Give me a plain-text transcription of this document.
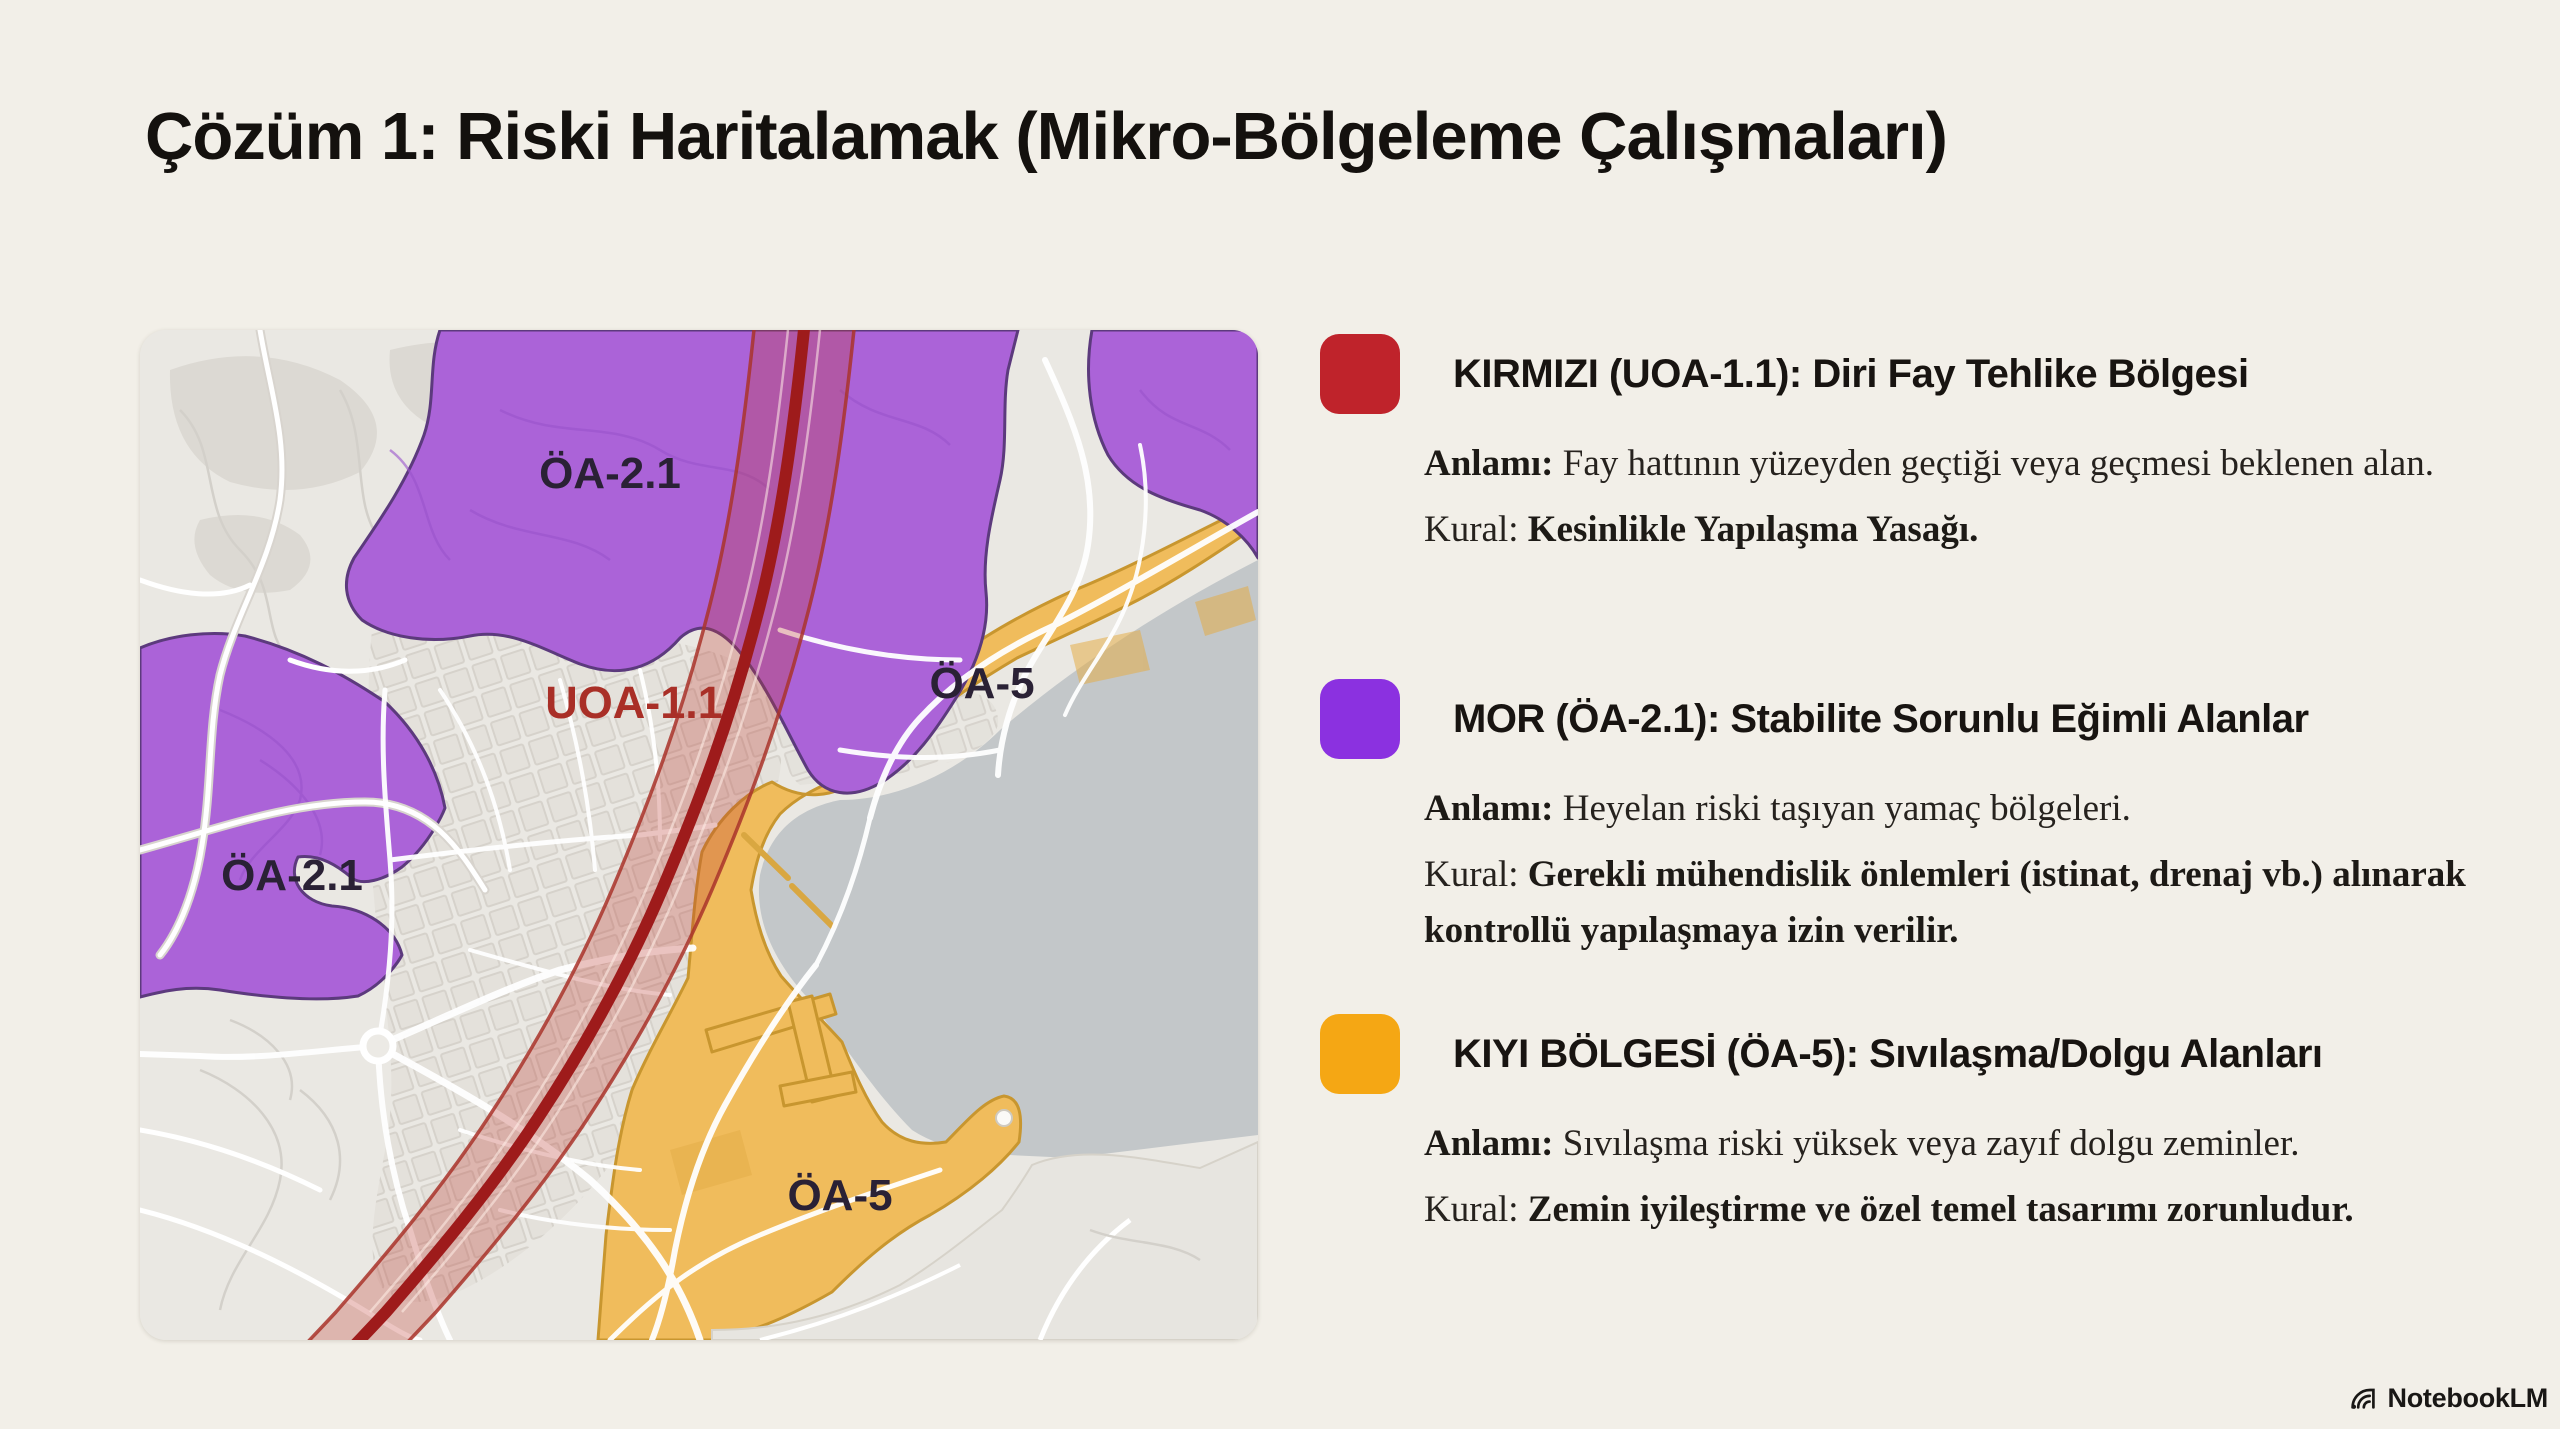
Çözüm 1: Riski Haritalamak (Mikro-Bölgeleme Çalışmaları)
ÖA-2.1
ÖA-2.1
UOA-1.1	ÖA-5
ÖA-5
KIRMIZI (UOA-1.1): Diri Fay Tehlike Bölgesi

Anlamı: Fay hattının yüzeyden geçtiği veya geçmesi beklenen alan.

Kural: Kesinlikle Yapılaşma Yasağı.

MOR (ÖA-2.1): Stabilite Sorunlu Eğimli Alanlar

Anlamı: Heyelan riski taşıyan yamaç bölgeleri.

Kural: Gerekli mühendislik önlemleri (istinat, drenaj vb.) alınarak kontrollü yapılaşmaya izin verilir.

KIYI BÖLGESİ (ÖA-5): Sıvılaşma/Dolgu Alanları

Anlamı: Sıvılaşma riski yüksek veya zayıf dolgu zeminler.

Kural: Zemin iyileştirme ve özel temel tasarımı zorunludur.

NotebookLM
